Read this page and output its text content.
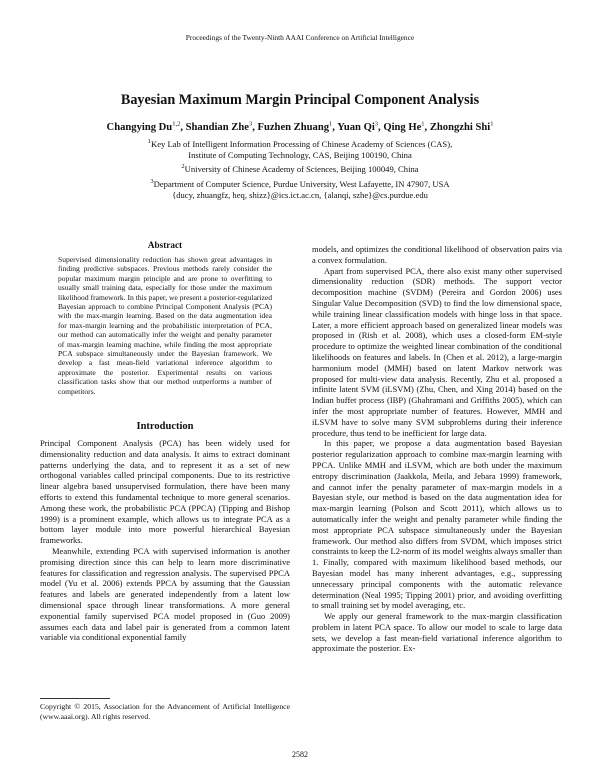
Proceedings of the Twenty-Ninth AAAI Conference on Artificial Intelligence
Bayesian Maximum Margin Principal Component Analysis
Changying Du$^{1,2}$, Shandian Zhe$^3$, Fuzhen Zhuang$^1$, Yuan Qi$^3$, Qing He$^1$, Zhongzhi Shi$^1$
$^1$Key Lab of Intelligent Information Processing of Chinese Academy of Sciences (CAS),
Institute of Computing Technology, CAS, Beijing 100190, China
$^2$University of Chinese Academy of Sciences, Beijing 100049, China
$^3$Department of Computer Science, Purdue University, West Lafayette, IN 47907, USA
{ducy, zhuangfz, heq, shizz}@ics.ict.ac.cn, {alanqi, szhe}@cs.purdue.edu
Abstract
Supervised dimensionality reduction has shown great advantages in finding predictive subspaces. Previous methods rarely consider the popular maximum margin principle and are prone to overfitting to usually small training data, especially for those under the maximum likelihood framework. In this paper, we present a posterior-regularized Bayesian approach to combine Principal Component Analysis (PCA) with the max-margin learning. Based on the data augmentation idea for max-margin learning and the probabilistic interpretation of PCA, our method can automatically infer the weight and penalty parameter of max-margin learning machine, while finding the most appropriate PCA subspace simultaneously under the Bayesian framework. We develop a fast mean-field variational inference algorithm to approximate the posterior. Experimental results on various classification tasks show that our method outperforms a number of competitors.
Introduction

Principal Component Analysis (PCA) has been widely used for dimensionality reduction and data analysis. It aims to extract dominant patterns underlying the data, and to represent it as a set of new orthogonal variables called principal components. Due to its restrictive linear algebra based unsupervised formulation, there have been many efforts to extend this fundamental technique to more general scenarios. Among these work, the probabilistic PCA (PPCA) (Tipping and Bishop 1999) is a prominent example, which allows us to integrate PCA as a bottom layer module into more powerful hierarchical Bayesian frameworks.

Meanwhile, extending PCA with supervised information is another promising direction since this can help to learn more discriminative features for classification and regression analysis. The supervised PPCA model (Yu et al. 2006) extends PPCA by assuming that the Gaussian features and labels are generated independently from a latent low dimensional space through linear transformations. A more general exponential family supervised PCA model proposed in (Guo 2009) assumes each data and label pair is generated from a common latent variable via conditional exponential family

Copyright © 2015, Association for the Advancement of Artificial Intelligence (www.aaai.org). All rights reserved.

models, and optimizes the conditional likelihood of observation pairs via a convex formulation.

Apart from supervised PCA, there also exist many other supervised dimensionality reduction (SDR) methods. The support vector decomposition machine (SVDM) (Pereira and Gordon 2006) uses Singular Value Decomposition (SVD) to find the low dimensional space, while training linear classification models with hinge loss in that space. Later, a more efficient approach based on generalized linear models was proposed in (Rish et al. 2008), which uses a closed-form EM-style procedure to optimize the weighted linear combination of the conditional likelihoods on features and labels. In (Chen et al. 2012), a large-margin harmonium model (MMH) based on latent Markov network was proposed for multi-view data analysis. Recently, Zhu et al. proposed a infinite latent SVM (iLSVM) (Zhu, Chen, and Xing 2014) based on the Indian buffet process (IBP) (Ghahramani and Griffiths 2005), which can infer the most appropriate number of features. However, MMH and iLSVM have to solve many SVM subproblems during their inference procedure, thus tend to be inefficient for large data.

In this paper, we propose a data augmentation based Bayesian posterior regularization approach to combine max-margin learning with PPCA. Unlike MMH and iLSVM, which are both under the maximum entropy discrimination (Jaakkola, Meila, and Jebara 1999) framework, and cannot infer the penalty parameter of max-margin models in a Bayesian style, our method is based on the data augmentation idea for max-margin learning (Polson and Scott 2011), which allows us to automatically infer the weight and penalty parameter while finding the most appropriate PCA subspace simultaneously under the Bayesian framework. Our method also differs from SVDM, which imposes strict constraints to keep the L2-norm of its model weights always smaller than 1. Finally, compared with maximum likelihood based methods, our Bayesian model has many inherent advantages, e.g., suppressing unnecessary principal components with the automatic relevance determination (Neal 1995; Tipping 2001) prior, and avoiding overfitting to small training set by model averaging, etc.

We apply our general framework to the max-margin classification problem in latent PCA space. To allow our model to scale to large data sets, we develop a fast mean-field variational inference algorithm to approximate the posterior. Ex-

2582
